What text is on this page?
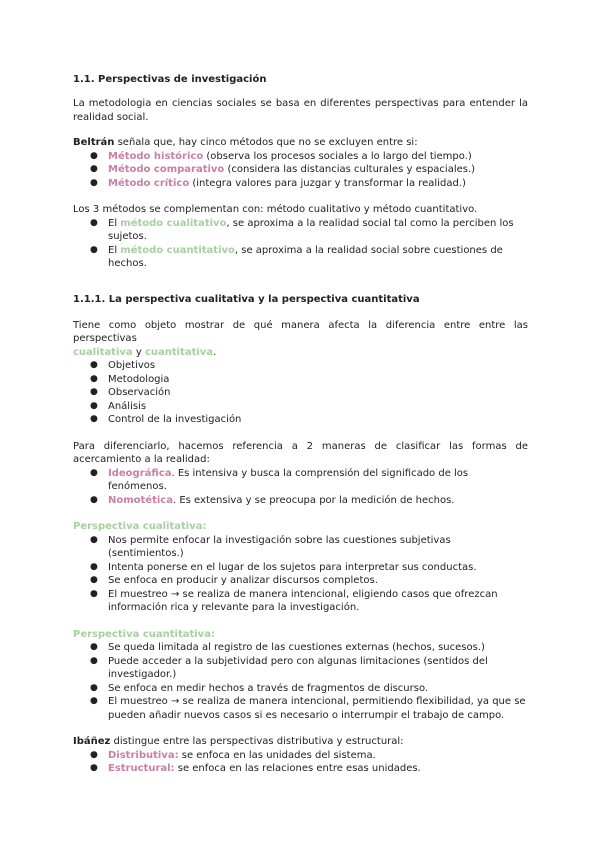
1.1. Perspectivas de investigación

La metodologia en ciencias sociales se basa en diferentes perspectivas para entender la realidad social.

Beltrán señala que, hay cinco métodos que no se excluyen entre si:

● Método histórico (observa los procesos sociales a lo largo del tiempo.)
● Método comparativo (considera las distancias culturales y espaciales.)
● Método crítico (integra valores para juzgar y transformar la realidad.)

Los 3 métodos se complementan con: método cualitativo y método cuantitativo.

● El método cualitativo, se aproxima a la realidad social tal como la perciben los sujetos.
● El método cuantitativo, se aproxima a la realidad social sobre cuestiones de hechos.

1.1.1. La perspectiva cualitativa y la perspectiva cuantitativa

Tiene como objeto mostrar de qué manera afecta la diferencia entre entre las perspectivas
cualitativa y cuantitativa.

● Objetivos
● Metodologia
● Observación
● Análisis
● Control de la investigación

Para diferenciarlo, hacemos referencia a 2 maneras de clasificar las formas de acercamiento a la realidad:

● Ideográfica. Es intensiva y busca la comprensión del significado de los fenómenos.
● Nomotética. Es extensiva y se preocupa por la medición de hechos.

Perspectiva cualitativa:

● Nos permite enfocar la investigación sobre las cuestiones subjetivas (sentimientos.)
● Intenta ponerse en el lugar de los sujetos para interpretar sus conductas.
● Se enfoca en producir y analizar discursos completos.
● El muestreo → se realiza de manera intencional, eligiendo casos que ofrezcan información rica y relevante para la investigación.

Perspectiva cuantitativa:

● Se queda limitada al registro de las cuestiones externas (hechos, sucesos.)
● Puede acceder a la subjetividad pero con algunas limitaciones (sentidos del investigador.)
● Se enfoca en medir hechos a través de fragmentos de discurso.
● El muestreo → se realiza de manera intencional, permitiendo flexibilidad, ya que se pueden añadir nuevos casos si es necesario o interrumpir el trabajo de campo.

Ibáñez distingue entre las perspectivas distributiva y estructural:

● Distributiva: se enfoca en las unidades del sistema.
● Estructural: se enfoca en las relaciones entre esas unidades.
